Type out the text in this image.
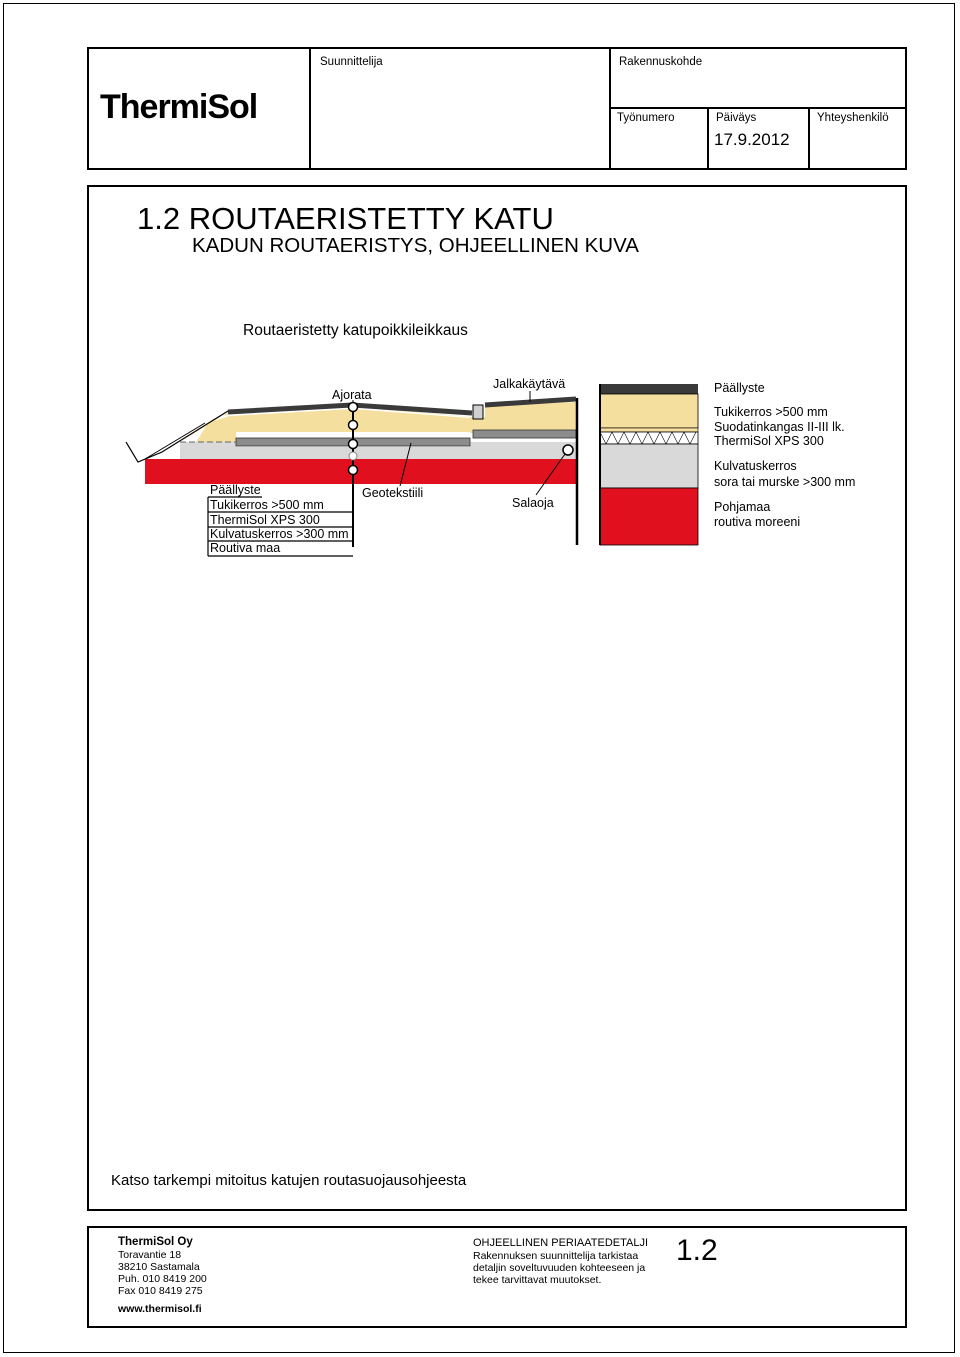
ThermiSol
Suunnittelija	Rakennuskohde
Työnumero	Päiväys
17.9.2012
Yhteyshenkilö
1.2 ROUTAERISTETTY KATU
KADUN ROUTAERISTYS, OHJEELLINEN KUVA
Routaeristetty katupoikkileikkaus
Ajorata
Jalkakäytävä
Geotekstiili
Salaoja
Päällyste
Tukikerros >500 mm
ThermiSol XPS 300
Kulvatuskerros >300 mm
Routiva maa
Päällyste
Tukikerros >500 mm
Suodatinkangas II-III lk.
ThermiSol XPS 300
Kulvatuskerros
sora tai murske >300 mm
Pohjamaa
routiva moreeni
Katso tarkempi mitoitus katujen routasuojausohjeesta
ThermiSol Oy
Toravantie 18
38210 Sastamala
Puh. 010 8419 200
Fax 010 8419 275
www.thermisol.fi
OHJEELLINEN PERIAATEDETALJI
Rakennuksen suunnittelija tarkistaa
detaljin soveltuvuuden kohteeseen ja
tekee tarvittavat muutokset.
1.2
